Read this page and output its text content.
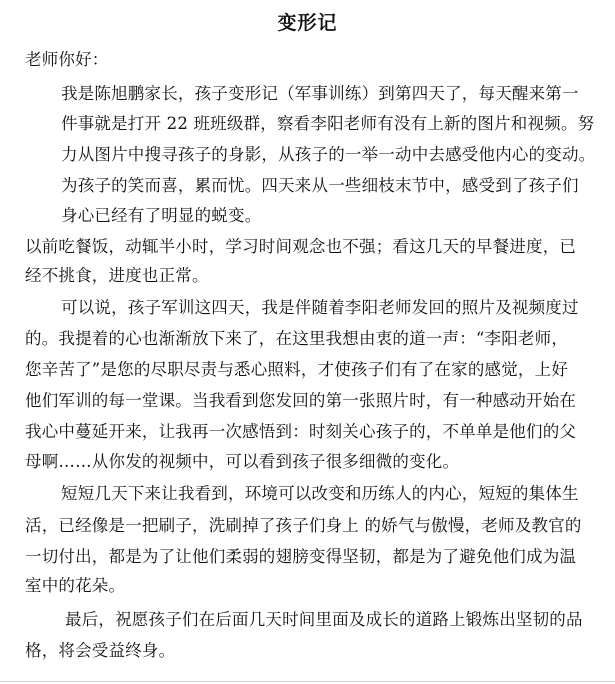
变形记
老师你好：
我是陈旭鹏家长，孩子变形记（军事训练）到第四天了，每天醒来第一
件事就是打开 22 班班级群，察看李阳老师有没有上新的图片和视频。努
力从图片中搜寻孩子的身影，从孩子的一举一动中去感受他内心的变动。
为孩子的笑而喜，累而忧。四天来从一些细枝末节中，感受到了孩子们
身心已经有了明显的蜕变。
以前吃餐饭，动辄半小时，学习时间观念也不强；看这几天的早餐进度，已
经不挑食，进度也正常。
可以说，孩子军训这四天，我是伴随着李阳老师发回的照片及视频度过
的。我提着的心也渐渐放下来了，在这里我想由衷的道一声：“李阳老师，
您辛苦了”是您的尽职尽责与悉心照料，才使孩子们有了在家的感觉，上好
他们军训的每一堂课。当我看到您发回的第一张照片时，有一种感动开始在
我心中蔓延开来，让我再一次感悟到：时刻关心孩子的，不单单是他们的父
母啊……从你发的视频中，可以看到孩子很多细微的变化。
短短几天下来让我看到，环境可以改变和历练人的内心，短短的集体生
活，已经像是一把刷子，洗刷掉了孩子们身上 的娇气与傲慢，老师及教官的
一切付出，都是为了让他们柔弱的翅膀变得坚韧，都是为了避免他们成为温
室中的花朵。
最后，祝愿孩子们在后面几天时间里面及成长的道路上锻炼出坚韧的品
格，将会受益终身。
